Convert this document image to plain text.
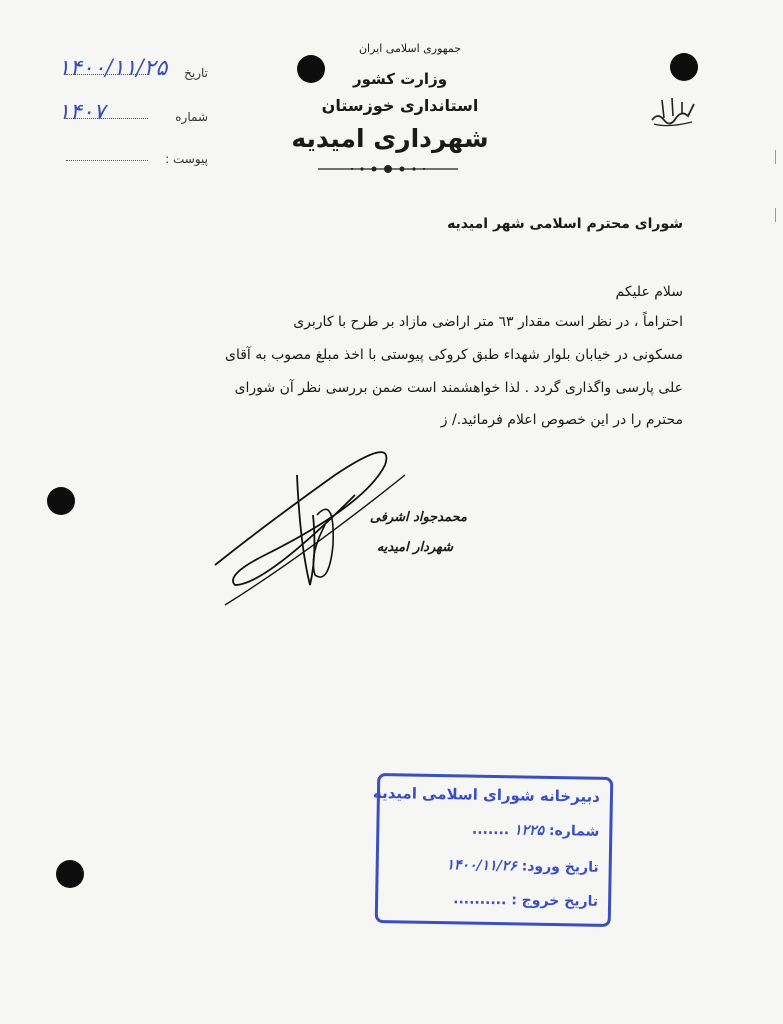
تاریخ
۱۴۰۰/۱۱/۲۵
شماره
۱۴۰۷
پیوست :
جمهوری اسلامی ایران
وزارت کشور
استانداری خوزستان
شهرداری امیدیه
شورای محترم اسلامی شهر امیدیه
سلام علیکم
احتراماً ، در نظر است مقدار ٦٣ متر اراضی مازاد بر طرح با کاربری
مسکونی در خیابان بلوار شهداء طبق کروکی پیوستی با اخذ مبلغ مصوب به آقای
علی پارسی واگذاری گردد . لذا خواهشمند است ضمن بررسی نظر آن شورای
محترم را در این خصوص اعلام فرمائید./ ز
محمدجواد اشرفی
شهردار امیدیه
دبیرخانه شورای اسلامی امیدیه
شماره: ۱۲۲۵ .......
تاریخ ورود: ۱۴۰۰/۱۱/۲۶
تاریخ خروج : ..........
